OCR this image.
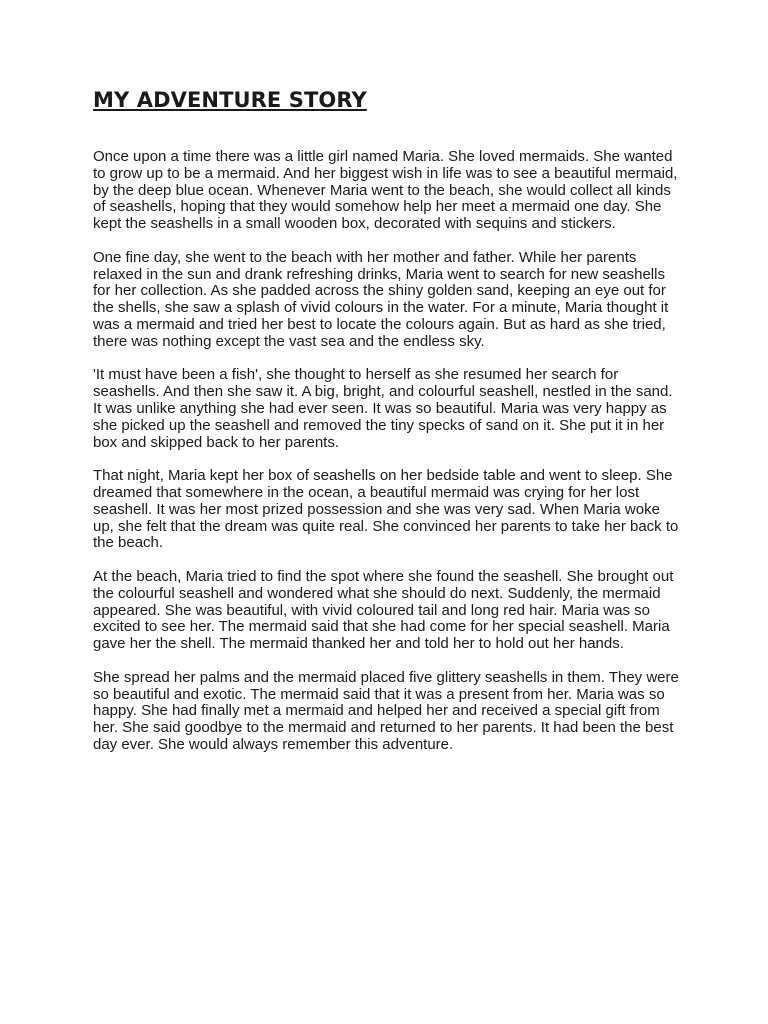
MY ADVENTURE STORY

Once upon a time there was a little girl named Maria. She loved mermaids. She wanted to grow up to be a mermaid. And her biggest wish in life was to see a beautiful mermaid, by the deep blue ocean. Whenever Maria went to the beach, she would collect all kinds of seashells, hoping that they would somehow help her meet a mermaid one day. She kept the seashells in a small wooden box, decorated with sequins and stickers.

One fine day, she went to the beach with her mother and father. While her parents relaxed in the sun and drank refreshing drinks, Maria went to search for new seashells for her collection. As she padded across the shiny golden sand, keeping an eye out for the shells, she saw a splash of vivid colours in the water. For a minute, Maria thought it was a mermaid and tried her best to locate the colours again. But as hard as she tried, there was nothing except the vast sea and the endless sky.

'It must have been a fish', she thought to herself as she resumed her search for seashells. And then she saw it. A big, bright, and colourful seashell, nestled in the sand. It was unlike anything she had ever seen. It was so beautiful. Maria was very happy as she picked up the seashell and removed the tiny specks of sand on it. She put it in her box and skipped back to her parents.

That night, Maria kept her box of seashells on her bedside table and went to sleep. She dreamed that somewhere in the ocean, a beautiful mermaid was crying for her lost seashell. It was her most prized possession and she was very sad. When Maria woke up, she felt that the dream was quite real. She convinced her parents to take her back to the beach.

At the beach, Maria tried to find the spot where she found the seashell. She brought out the colourful seashell and wondered what she should do next. Suddenly, the mermaid appeared. She was beautiful, with vivid coloured tail and long red hair. Maria was so excited to see her. The mermaid said that she had come for her special seashell. Maria gave her the shell. The mermaid thanked her and told her to hold out her hands.

She spread her palms and the mermaid placed five glittery seashells in them. They were so beautiful and exotic. The mermaid said that it was a present from her. Maria was so happy. She had finally met a mermaid and helped her and received a special gift from her. She said goodbye to the mermaid and returned to her parents. It had been the best day ever. She would always remember this adventure.
